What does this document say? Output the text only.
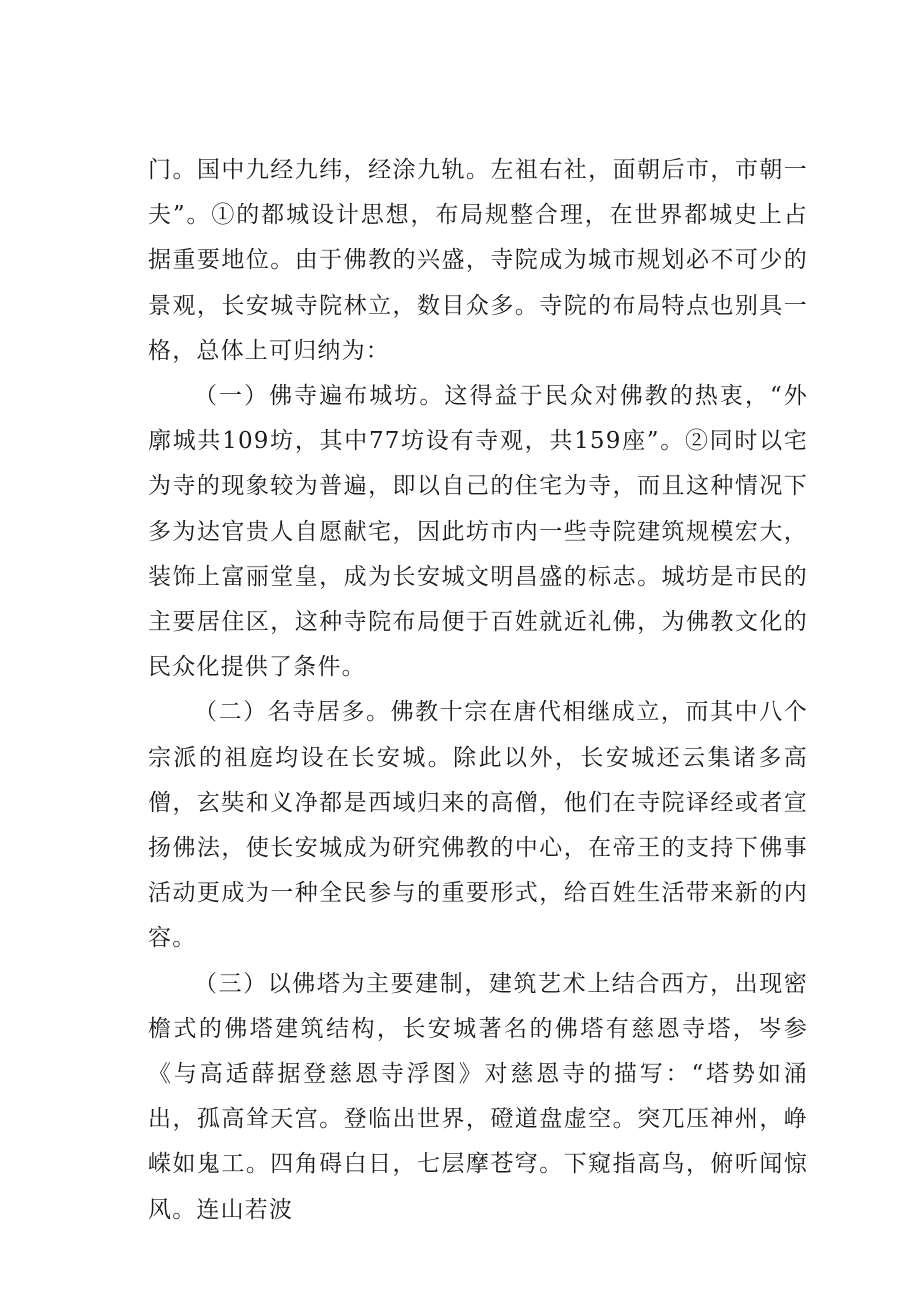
门。国中九经九纬，经涂九轨。左祖右社，面朝后市，市朝一夫”。①的都城设计思想，布局规整合理，在世界都城史上占据重要地位。由于佛教的兴盛，寺院成为城市规划必不可少的景观，长安城寺院林立，数目众多。寺院的布局特点也别具一格，总体上可归纳为：

（一）佛寺遍布城坊。这得益于民众对佛教的热衷，“外廓城共109坊，其中77坊设有寺观，共159座”。②同时以宅为寺的现象较为普遍，即以自己的住宅为寺，而且这种情况下多为达官贵人自愿献宅，因此坊市内一些寺院建筑规模宏大，装饰上富丽堂皇，成为长安城文明昌盛的标志。城坊是市民的主要居住区，这种寺院布局便于百姓就近礼佛，为佛教文化的民众化提供了条件。

（二）名寺居多。佛教十宗在唐代相继成立，而其中八个宗派的祖庭均设在长安城。除此以外，长安城还云集诸多高僧，玄奘和义净都是西域归来的高僧，他们在寺院译经或者宣扬佛法，使长安城成为研究佛教的中心，在帝王的支持下佛事活动更成为一种全民参与的重要形式，给百姓生活带来新的内容。

（三）以佛塔为主要建制，建筑艺术上结合西方，出现密檐式的佛塔建筑结构，长安城著名的佛塔有慈恩寺塔，岑参《与高适薛据登慈恩寺浮图》对慈恩寺的描写：“塔势如涌出，孤高耸天宫。登临出世界，磴道盘虚空。突兀压神州，峥嵘如鬼工。四角碍白日，七层摩苍穹。下窥指高鸟，俯听闻惊风。连山若波
